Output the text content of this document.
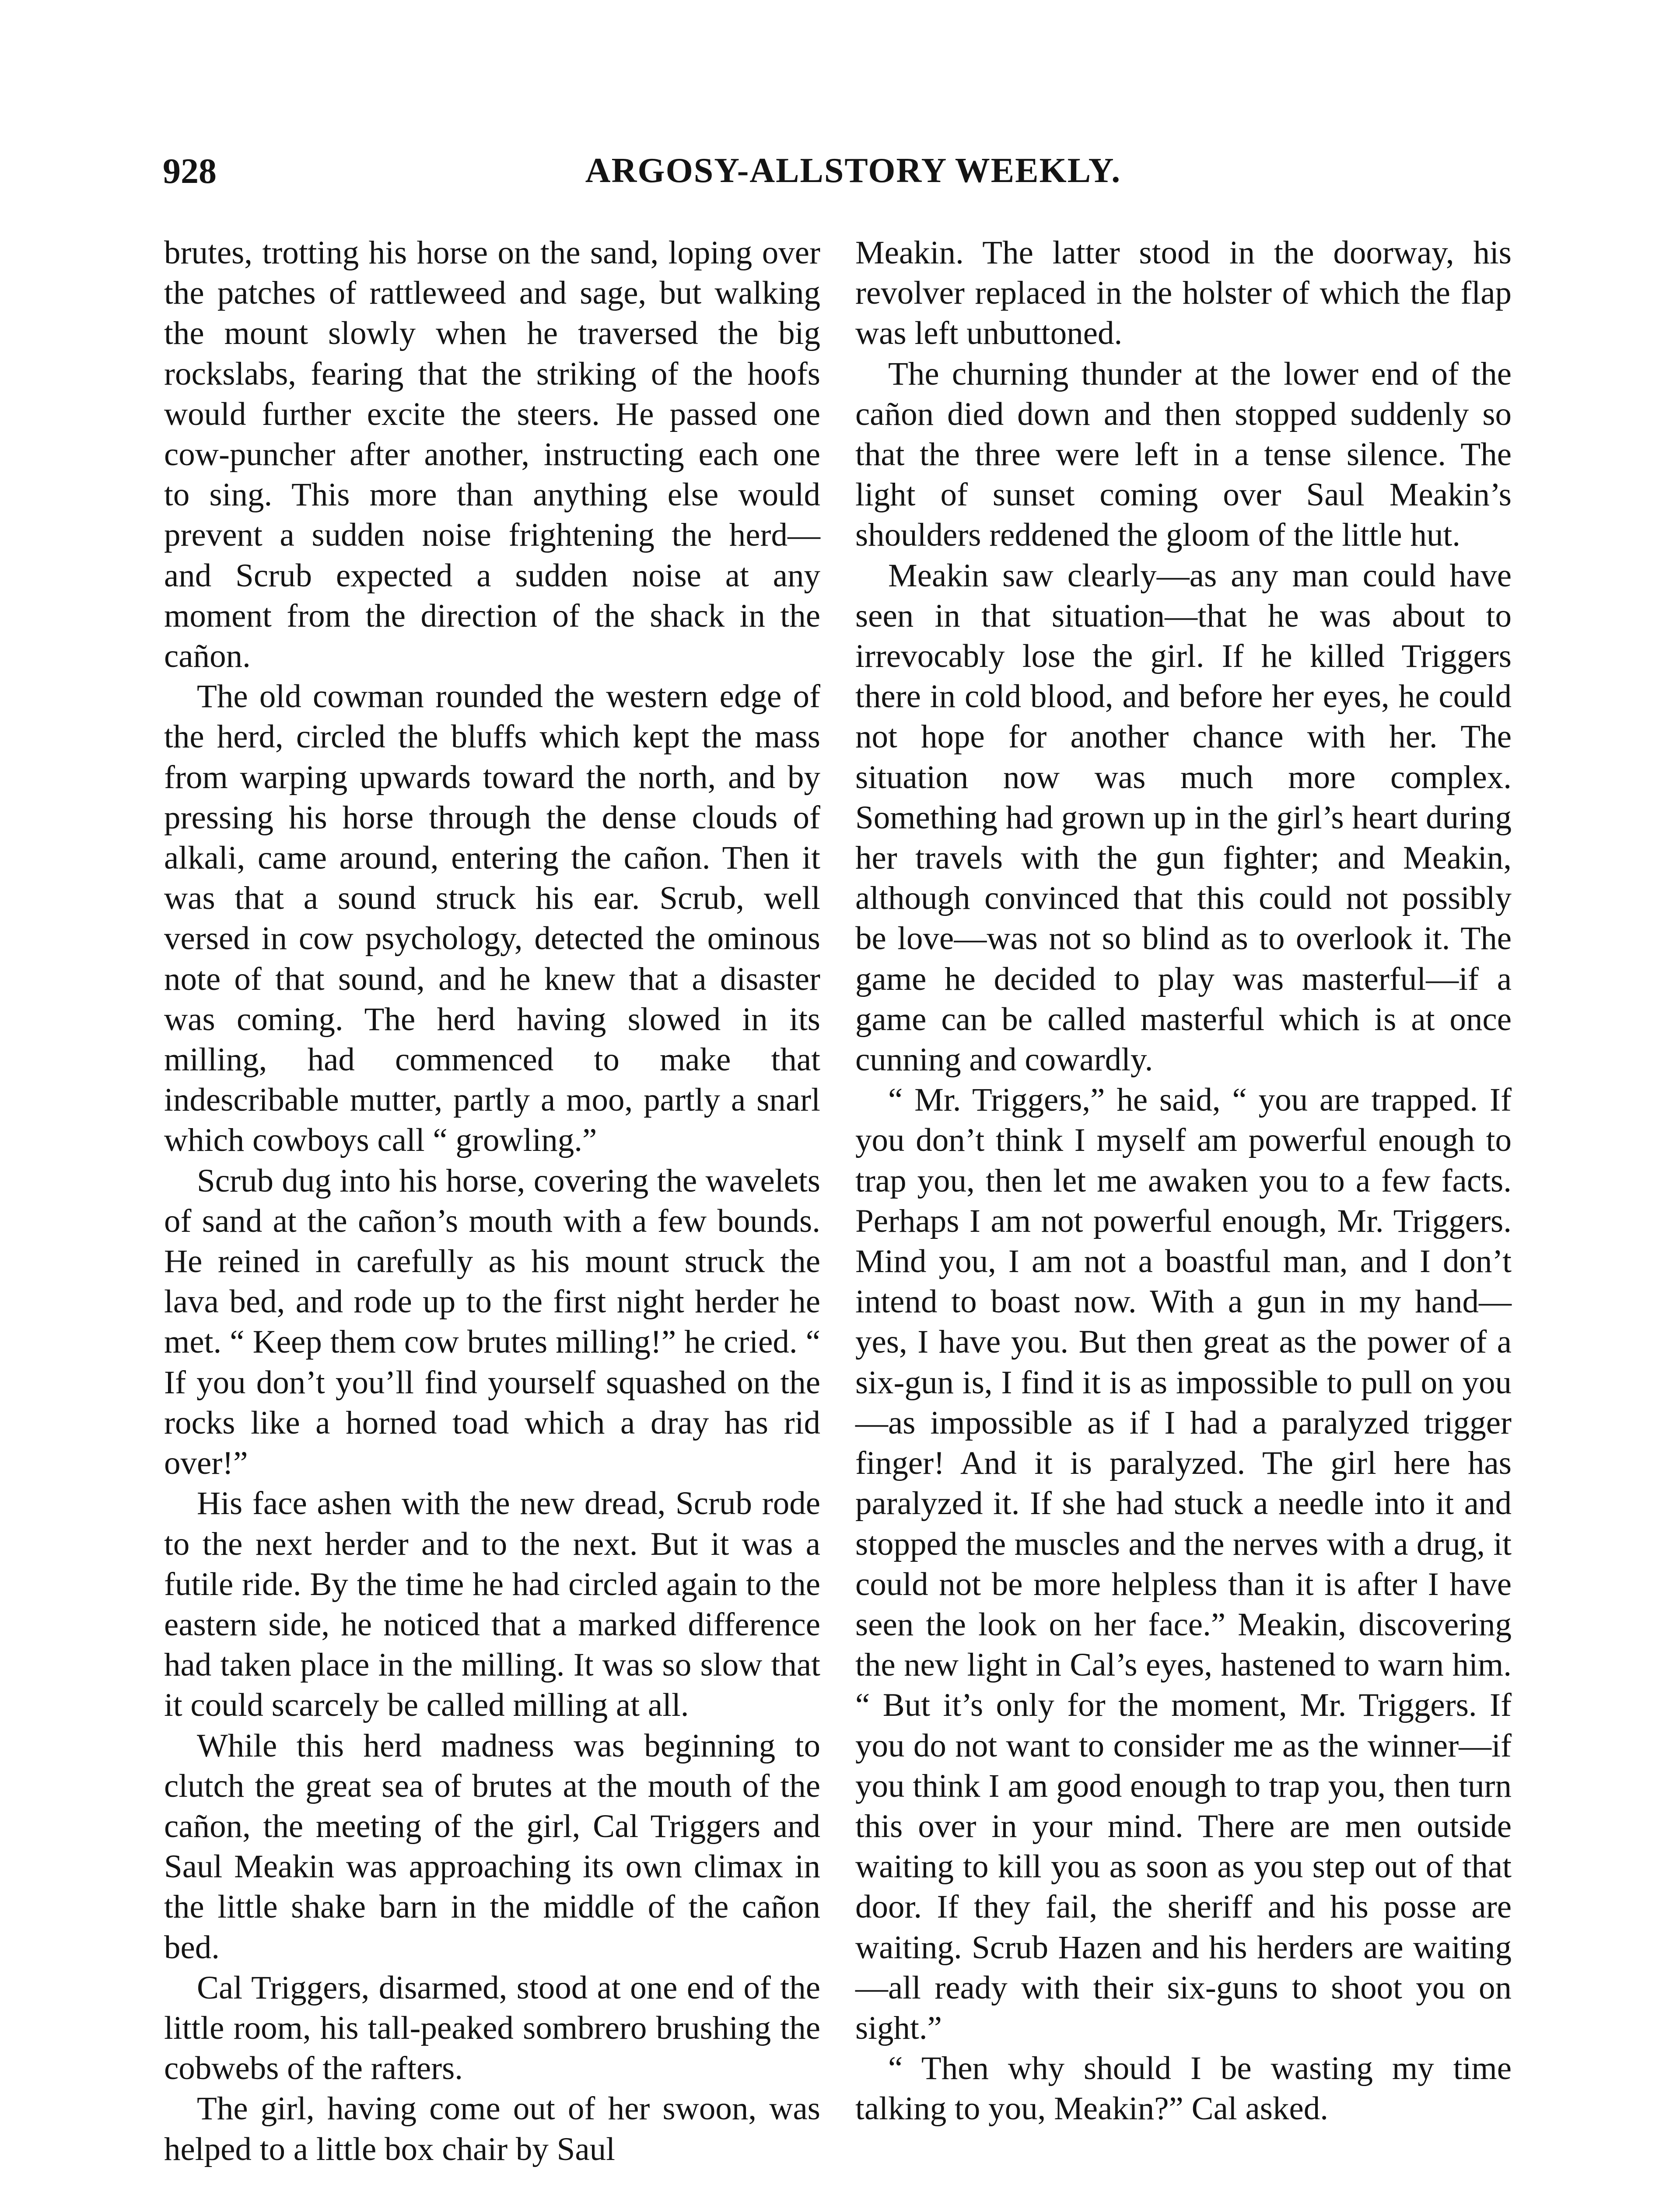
928	ARGOSY-ALLSTORY WEEKLY.

brutes, trotting his horse on the sand, loping over the patches of rattleweed and sage, but walking the mount slowly when he traversed the big rockslabs, fearing that the striking of the hoofs would further excite the steers. He passed one cow-puncher after another, instructing each one to sing. This more than anything else would prevent a sudden noise frightening the herd— and Scrub expected a sudden noise at any moment from the direction of the shack in the cañon.

The old cowman rounded the western edge of the herd, circled the bluffs which kept the mass from warping upwards toward the north, and by pressing his horse through the dense clouds of alkali, came around, entering the cañon. Then it was that a sound struck his ear. Scrub, well versed in cow psychology, detected the ominous note of that sound, and he knew that a disaster was coming. The herd having slowed in its milling, had commenced to make that indescribable mutter, partly a moo, partly a snarl which cowboys call “ growling.”

Scrub dug into his horse, covering the wavelets of sand at the cañon’s mouth with a few bounds. He reined in carefully as his mount struck the lava bed, and rode up to the first night herder he met. “ Keep them cow brutes milling!” he cried. “ If you don’t you’ll find yourself squashed on the rocks like a horned toad which a dray has rid over!”

His face ashen with the new dread, Scrub rode to the next herder and to the next. But it was a futile ride. By the time he had circled again to the eastern side, he noticed that a marked difference had taken place in the milling. It was so slow that it could scarcely be called milling at all.

While this herd madness was beginning to clutch the great sea of brutes at the mouth of the cañon, the meeting of the girl, Cal Triggers and Saul Meakin was approaching its own climax in the little shake barn in the middle of the cañon bed.

Cal Triggers, disarmed, stood at one end of the little room, his tall-peaked sombrero brushing the cobwebs of the rafters.

The girl, having come out of her swoon, was helped to a little box chair by Saul

Meakin. The latter stood in the doorway, his revolver replaced in the holster of which the flap was left unbuttoned.

The churning thunder at the lower end of the cañon died down and then stopped suddenly so that the three were left in a tense silence. The light of sunset coming over Saul Meakin’s shoulders reddened the gloom of the little hut.

Meakin saw clearly—as any man could have seen in that situation—that he was about to irrevocably lose the girl. If he killed Triggers there in cold blood, and before her eyes, he could not hope for another chance with her. The situation now was much more complex. Something had grown up in the girl’s heart during her travels with the gun fighter; and Meakin, although convinced that this could not possibly be love—was not so blind as to overlook it. The game he decided to play was masterful—if a game can be called masterful which is at once cunning and cowardly.

“ Mr. Triggers,” he said, “ you are trapped. If you don’t think I myself am powerful enough to trap you, then let me awaken you to a few facts. Perhaps I am not powerful enough, Mr. Triggers. Mind you, I am not a boastful man, and I don’t intend to boast now. With a gun in my hand—yes, I have you. But then great as the power of a six-gun is, I find it is as impossible to pull on you—as impossible as if I had a paralyzed trigger finger! And it is paralyzed. The girl here has paralyzed it. If she had stuck a needle into it and stopped the muscles and the nerves with a drug, it could not be more helpless than it is after I have seen the look on her face.” Meakin, discovering the new light in Cal’s eyes, hastened to warn him. “ But it’s only for the moment, Mr. Triggers. If you do not want to consider me as the winner—if you think I am good enough to trap you, then turn this over in your mind. There are men outside waiting to kill you as soon as you step out of that door. If they fail, the sheriff and his posse are waiting. Scrub Hazen and his herders are waiting—all ready with their six-guns to shoot you on sight.”

“ Then why should I be wasting my time talking to you, Meakin?” Cal asked.
